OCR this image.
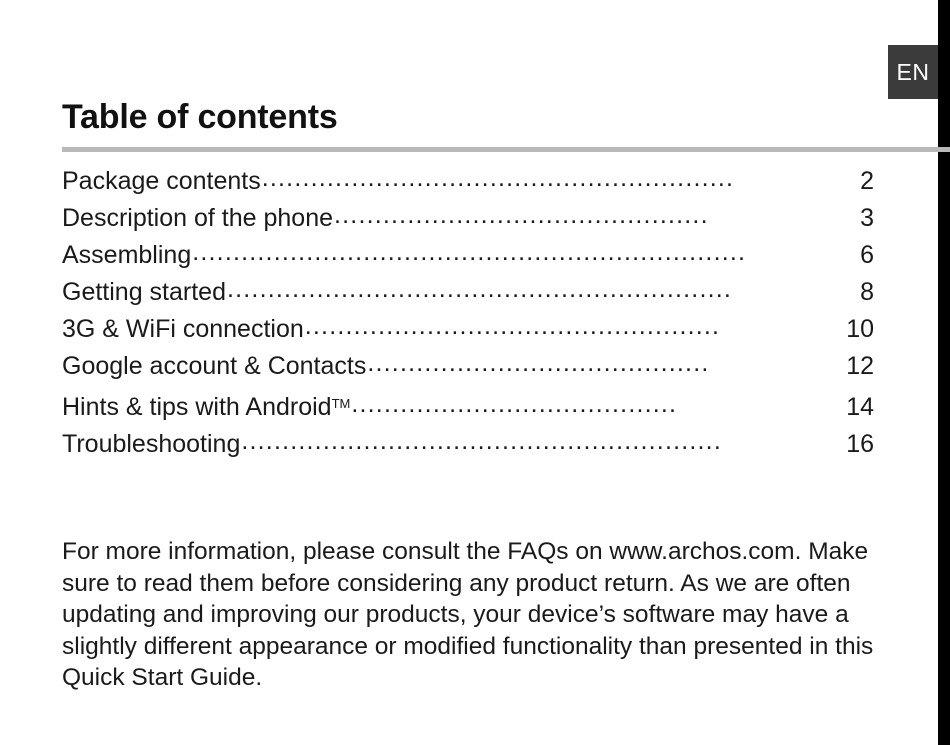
EN
Table of contents
Package contents ..........................................................	2
Description of the phone ..............................................	3
Assembling ....................................................................	6
Getting started ..............................................................	8
3G & WiFi connection ...................................................	10
Google account & Contacts ..........................................	12
Hints & tips with Android™ ........................................	14
Troubleshooting ...........................................................	16

For more information, please consult the FAQs on www.archos.com. Make sure to read them before considering any product return. As we are often updating and improving our products, your device’s software may have a slightly different appearance or modified functionality than presented in this Quick Start Guide.
